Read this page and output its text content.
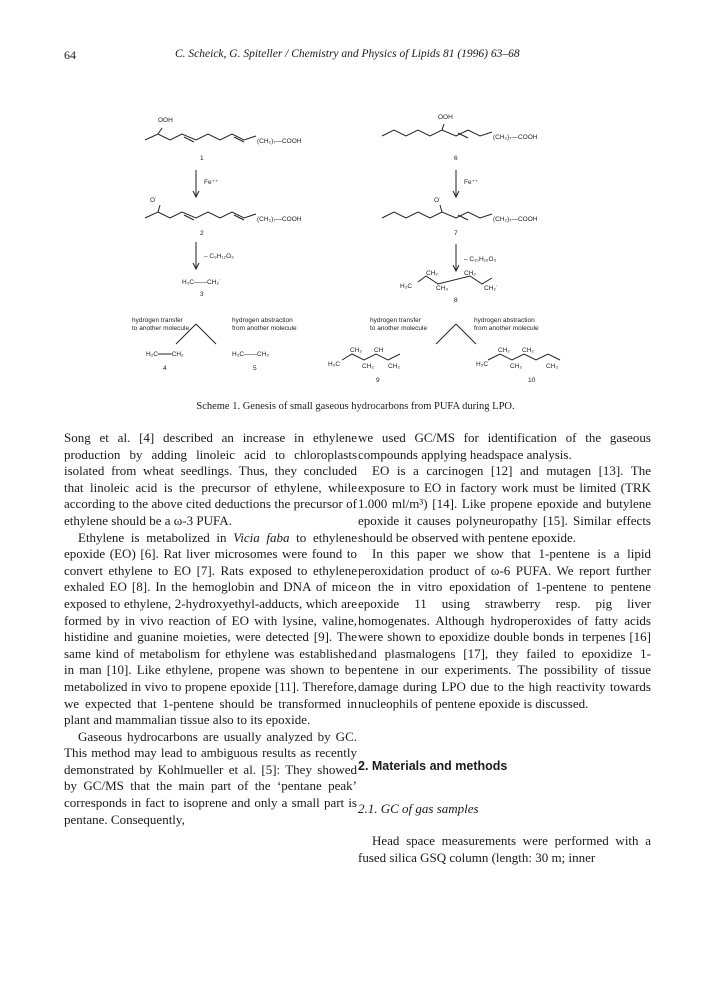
64	C. Scheick, G. Spiteller / Chemistry and Physics of Lipids 81 (1996) 63–68
OOH
(CH₂)₇—COOH
1
Fe⁺⁺
O˙
(CH₂)₇—COOH
2
– C₉H₁₂O₃
H₃C——CH₂˙
3
hydrogen transfer
to another molecule
hydrogen abstraction
from another molecule
H₂C═══CH₂
4
H₃C——CH₃
5
OOH
(CH₂)₇—COOH
6
Fe⁺⁺
O˙
(CH₂)₇—COOH
7
– C₁₀H₁₆O₃
H₃C
CH₂
CH₃
CH₂
CH₂˙
8
hydrogen transfer
to another molecule
hydrogen abstraction
from another molecule
H₃C
CH₂
CH₂
CH
CH₂
9
H₃C
CH₂
CH₂
CH₂
CH₃
10
Scheme 1. Genesis of small gaseous hydrocarbons from PUFA during LPO.

Song et al. [4] described an increase in ethylene production by adding linoleic acid to chloroplasts isolated from wheat seedlings. Thus, they concluded that linoleic acid is the precursor of ethylene, while according to the above cited deductions the precursor of ethylene should be a ω-3 PUFA.

Ethylene is metabolized in Vicia faba to ethylene epoxide (EO) [6]. Rat liver microsomes were found to convert ethylene to EO [7]. Rats exposed to ethylene exhaled EO [8]. In the hemoglobin and DNA of mice exposed to ethylene, 2-hydroxyethyl-adducts, which are formed by in vivo reaction of EO with lysine, valine, histidine and guanine moieties, were detected [9]. The same kind of metabolism for ethylene was established in man [10]. Like ethylene, propene was shown to be metabolized in vivo to propene epoxide [11]. Therefore, we expected that 1-pentene should be transformed in plant and mammalian tissue also to its epoxide.

Gaseous hydrocarbons are usually analyzed by GC. This method may lead to ambiguous results as recently demonstrated by Kohlmueller et al. [5]: They showed by GC/MS that the main part of the ‘pentane peak’ corresponds in fact to isoprene and only a small part is pentane. Consequently,

we used GC/MS for identification of the gaseous compounds applying headspace analysis.

EO is a carcinogen [12] and mutagen [13]. The exposure to EO in factory work must be limited (TRK 1.000 ml/m³) [14]. Like propene epoxide and butylene epoxide it causes polyneuropathy [15]. Similar effects should be observed with pentene epoxide.

In this paper we show that 1-pentene is a lipid peroxidation product of ω-6 PUFA. We report further on the in vitro epoxidation of 1-pentene to pentene epoxide 11 using strawberry resp. pig liver homogenates. Although hydroperoxides of fatty acids were shown to epoxidize double bonds in terpenes [16] and plasmalogens [17], they failed to epoxidize 1-pentene in our experiments. The possibility of tissue damage during LPO due to the high reactivity towards nucleophils of pentene epoxide is discussed.

2. Materials and methods
2.1. GC of gas samples

Head space measurements were performed with a fused silica GSQ column (length: 30 m; inner
